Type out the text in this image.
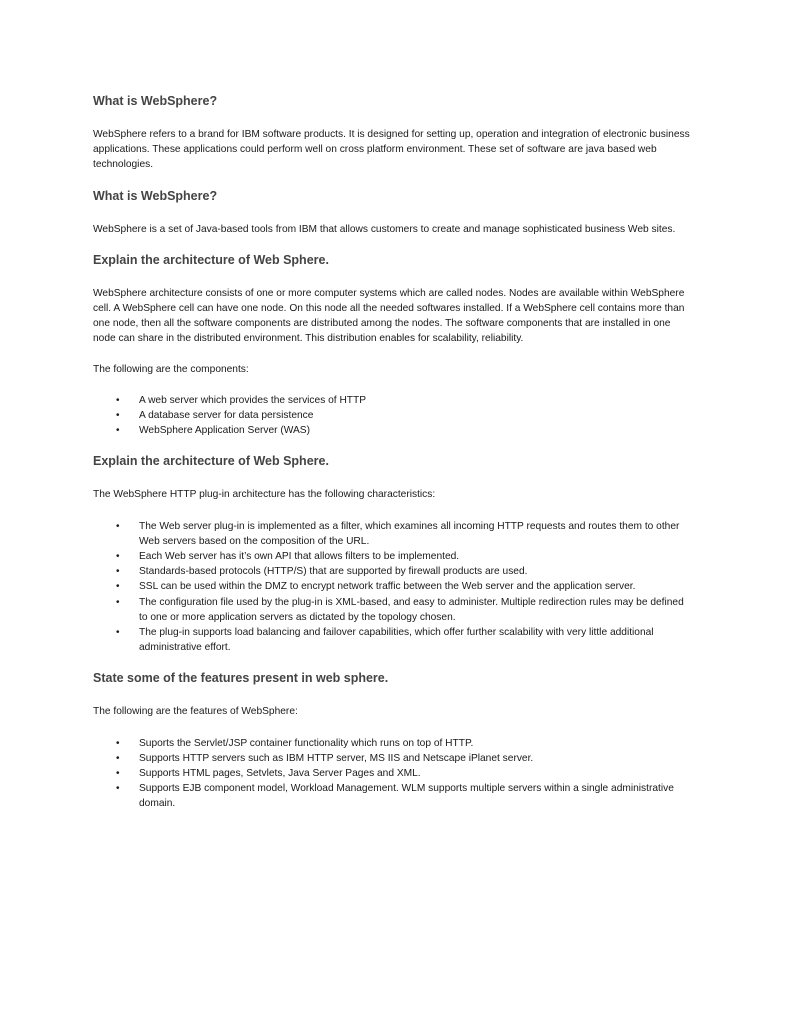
What is WebSphere?

WebSphere refers to a brand for IBM software products. It is designed for setting up, operation and integration of electronic business applications. These applications could perform well on cross platform environment. These set of software are java based web technologies.

What is WebSphere?

WebSphere is a set of Java-based tools from IBM that allows customers to create and manage sophisticated business Web sites.

Explain the architecture of Web Sphere.

WebSphere architecture consists of one or more computer systems which are called nodes. Nodes are available within WebSphere cell. A WebSphere cell can have one node. On this node all the needed softwares installed. If a WebSphere cell contains more than one node, then all the software components are distributed among the nodes. The software components that are installed in one node can share in the distributed environment. This distribution enables for scalability, reliability.

The following are the components:

• A web server which provides the services of HTTP
• A database server for data persistence
• WebSphere Application Server (WAS)
Explain the architecture of Web Sphere.

The WebSphere HTTP plug-in architecture has the following characteristics:

• The Web server plug-in is implemented as a filter, which examines all incoming HTTP requests and routes them to other Web servers based on the composition of the URL.
• Each Web server has it’s own API that allows filters to be implemented.
• Standards-based protocols (HTTP/S) that are supported by firewall products are used.
• SSL can be used within the DMZ to encrypt network traffic between the Web server and the application server.
• The configuration file used by the plug-in is XML-based, and easy to administer. Multiple redirection rules may be defined to one or more application servers as dictated by the topology chosen.
• The plug-in supports load balancing and failover capabilities, which offer further scalability with very little additional administrative effort.
State some of the features present in web sphere.

The following are the features of WebSphere:

• Suports the Servlet/JSP container functionality which runs on top of HTTP.
• Supports HTTP servers such as IBM HTTP server, MS IIS and Netscape iPlanet server.
• Supports HTML pages, Setvlets, Java Server Pages and XML.
• Supports EJB component model, Workload Management. WLM supports multiple servers within a single administrative domain.
